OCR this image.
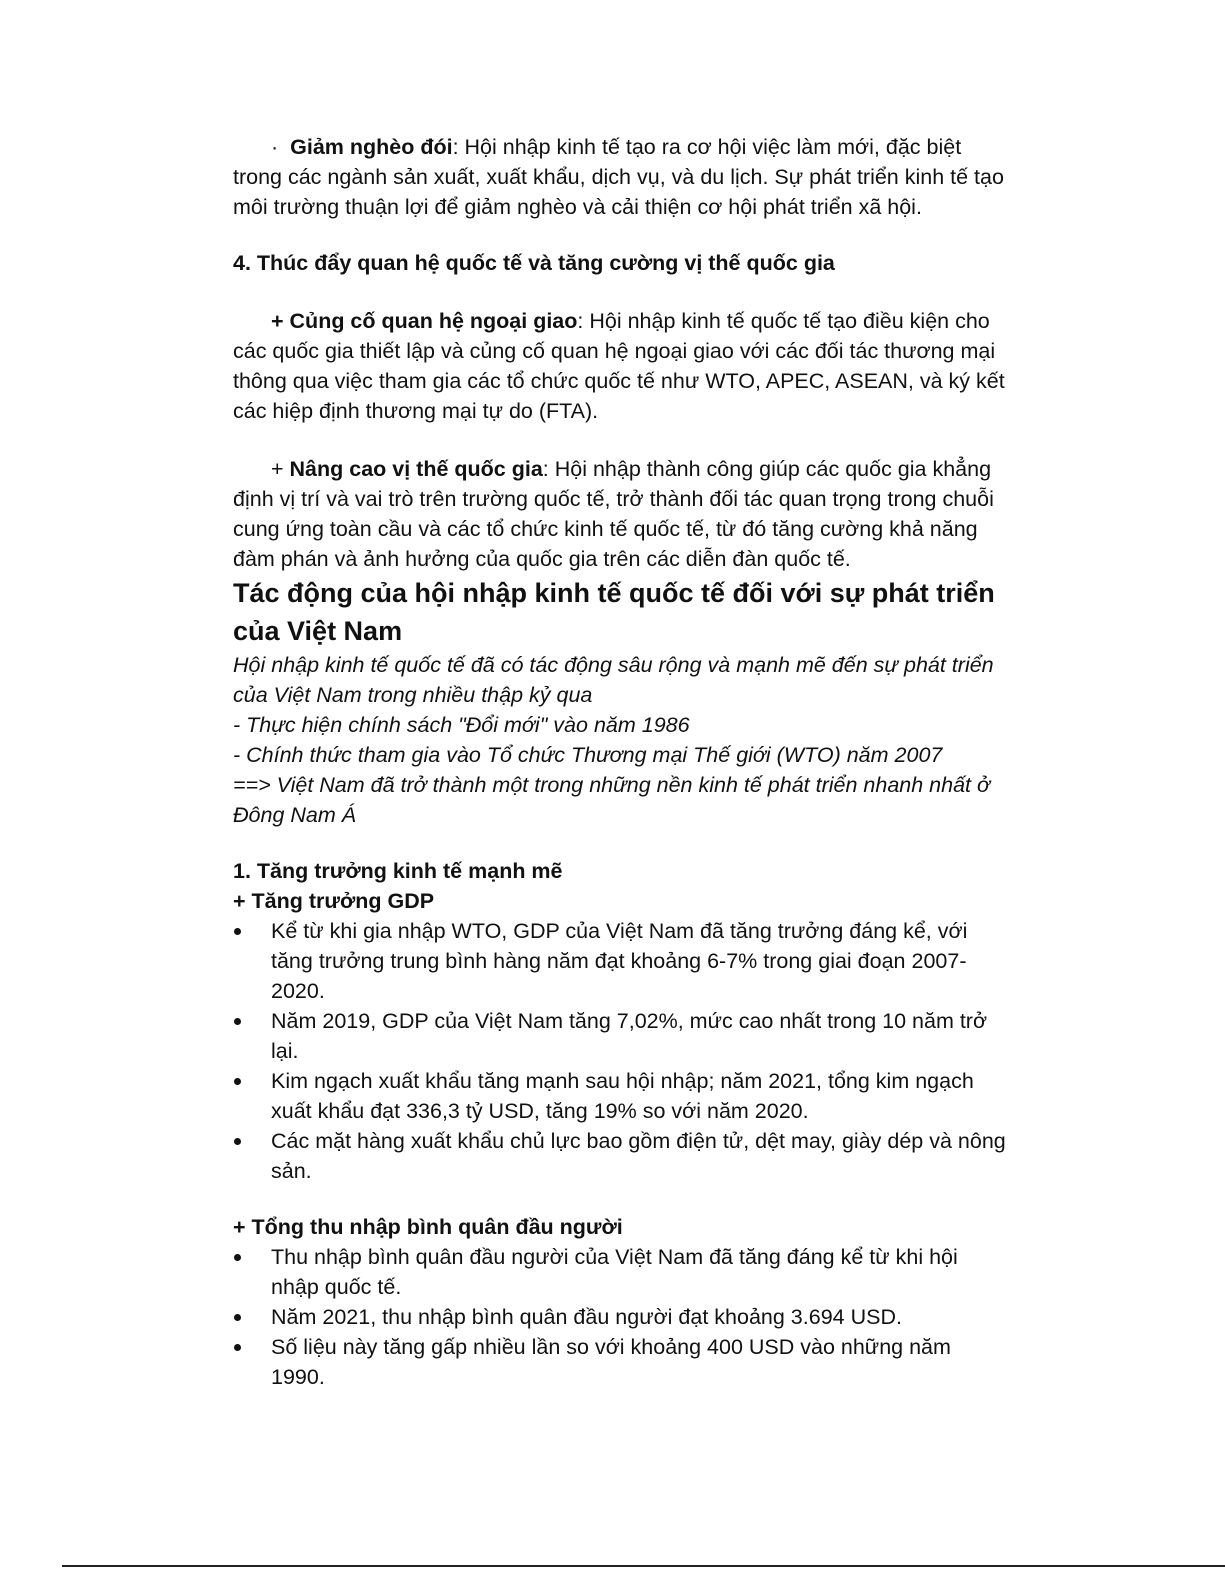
· Giảm nghèo đói: Hội nhập kinh tế tạo ra cơ hội việc làm mới, đặc biệt trong các ngành sản xuất, xuất khẩu, dịch vụ, và du lịch. Sự phát triển kinh tế tạo môi trường thuận lợi để giảm nghèo và cải thiện cơ hội phát triển xã hội.

4. Thúc đẩy quan hệ quốc tế và tăng cường vị thế quốc gia

+ Củng cố quan hệ ngoại giao: Hội nhập kinh tế quốc tế tạo điều kiện cho các quốc gia thiết lập và củng cố quan hệ ngoại giao với các đối tác thương mại thông qua việc tham gia các tổ chức quốc tế như WTO, APEC, ASEAN, và ký kết các hiệp định thương mại tự do (FTA).

+ Nâng cao vị thế quốc gia: Hội nhập thành công giúp các quốc gia khẳng định vị trí và vai trò trên trường quốc tế, trở thành đối tác quan trọng trong chuỗi cung ứng toàn cầu và các tổ chức kinh tế quốc tế, từ đó tăng cường khả năng đàm phán và ảnh hưởng của quốc gia trên các diễn đàn quốc tế.

Tác động của hội nhập kinh tế quốc tế đối với sự phát triển của Việt Nam

Hội nhập kinh tế quốc tế đã có tác động sâu rộng và mạnh mẽ đến sự phát triển của Việt Nam trong nhiều thập kỷ qua

- Thực hiện chính sách "Đổi mới" vào năm 1986

- Chính thức tham gia vào Tổ chức Thương mại Thế giới (WTO) năm 2007

==> Việt Nam đã trở thành một trong những nền kinh tế phát triển nhanh nhất ở Đông Nam Á

1. Tăng trưởng kinh tế mạnh mẽ

+ Tăng trưởng GDP

Kể từ khi gia nhập WTO, GDP của Việt Nam đã tăng trưởng đáng kể, với tăng trưởng trung bình hàng năm đạt khoảng 6-7% trong giai đoạn 2007-2020.
Năm 2019, GDP của Việt Nam tăng 7,02%, mức cao nhất trong 10 năm trở lại.
Kim ngạch xuất khẩu tăng mạnh sau hội nhập; năm 2021, tổng kim ngạch xuất khẩu đạt 336,3 tỷ USD, tăng 19% so với năm 2020.
Các mặt hàng xuất khẩu chủ lực bao gồm điện tử, dệt may, giày dép và nông sản.

+ Tổng thu nhập bình quân đầu người

Thu nhập bình quân đầu người của Việt Nam đã tăng đáng kể từ khi hội nhập quốc tế.
Năm 2021, thu nhập bình quân đầu người đạt khoảng 3.694 USD.
Số liệu này tăng gấp nhiều lần so với khoảng 400 USD vào những năm 1990.
